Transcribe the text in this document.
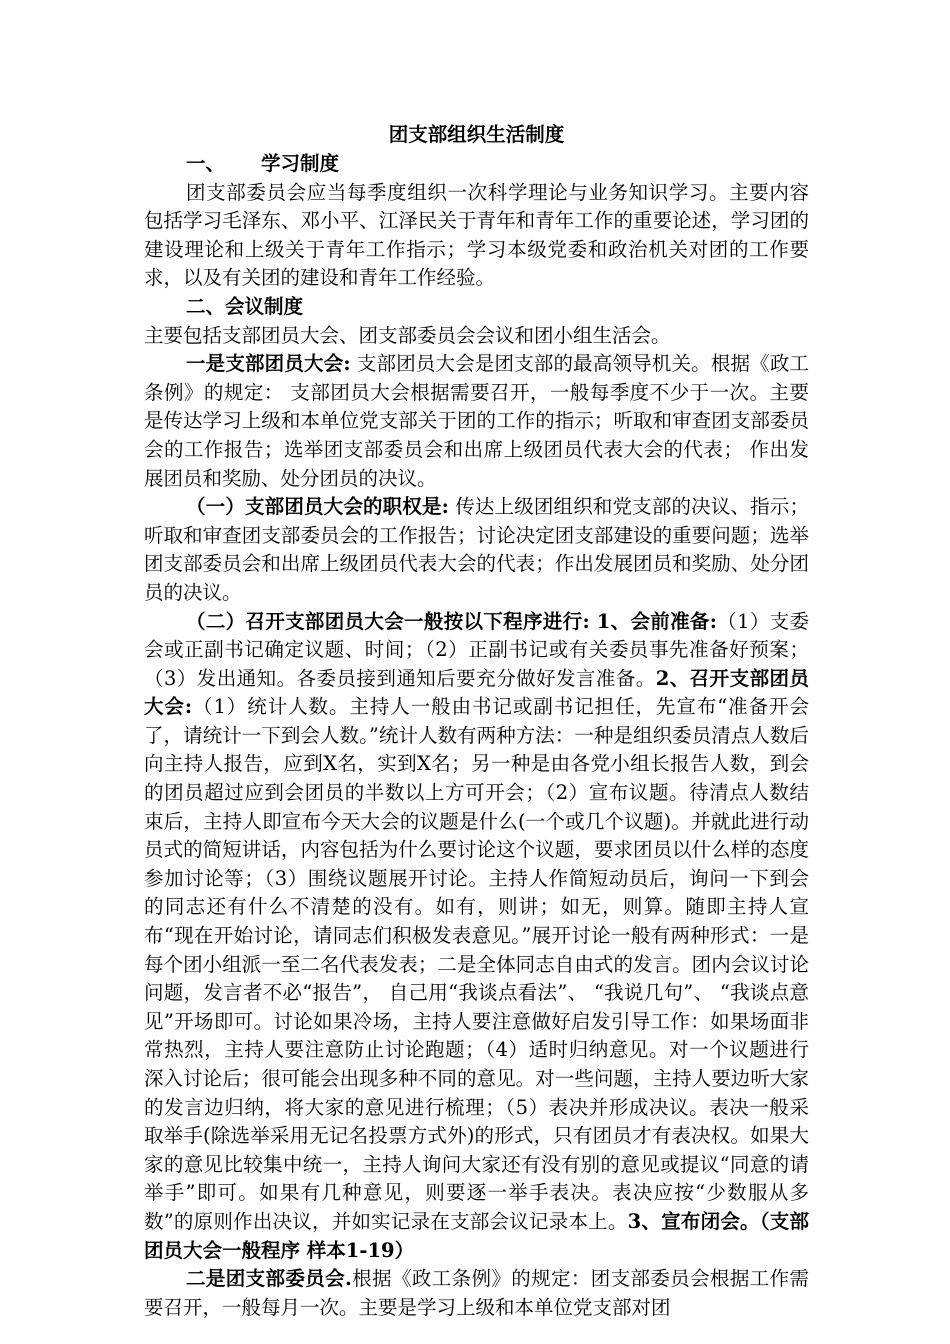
团支部组织生活制度

一、 学习制度

团支部委员会应当每季度组织一次科学理论与业务知识学习。主要内容包括学习毛泽东、邓小平、江泽民关于青年和青年工作的重要论述，学习团的建设理论和上级关于青年工作指示；学习本级党委和政治机关对团的工作要求，以及有关团的建设和青年工作经验。

二、会议制度

主要包括支部团员大会、团支部委员会会议和团小组生活会。

一是支部团员大会: 支部团员大会是团支部的最高领导机关。根据《政工条例》的规定： 支部团员大会根据需要召开，一般每季度不少于一次。主要是传达学习上级和本单位党支部关于团的工作的指示；听取和审查团支部委员会的工作报告；选举团支部委员会和出席上级团员代表大会的代表； 作出发展团员和奖励、处分团员的决议。

（一）支部团员大会的职权是: 传达上级团组织和党支部的决议、指示；听取和审查团支部委员会的工作报告；讨论决定团支部建设的重要问题；选举团支部委员会和出席上级团员代表大会的代表；作出发展团员和奖励、处分团员的决议。

（二）召开支部团员大会一般按以下程序进行: 1、会前准备:（1）支委会或正副书记确定议题、时间；（2）正副书记或有关委员事先准备好预案；（3）发出通知。各委员接到通知后要充分做好发言准备。2、召开支部团员大会:（1）统计人数。主持人一般由书记或副书记担任，先宣布“准备开会了，请统计一下到会人数。”统计人数有两种方法：一种是组织委员清点人数后向主持人报告，应到X名，实到X名；另一种是由各党小组长报告人数，到会的团员超过应到会团员的半数以上方可开会；（2）宣布议题。待清点人数结束后，主持人即宣布今天大会的议题是什么(一个或几个议题)。并就此进行动员式的简短讲话，内容包括为什么要讨论这个议题，要求团员以什么样的态度参加讨论等；（3）围绕议题展开讨论。主持人作简短动员后，询问一下到会的同志还有什么不清楚的没有。如有，则讲；如无，则算。随即主持人宣布“现在开始讨论，请同志们积极发表意见。”展开讨论一般有两种形式：一是每个团小组派一至二名代表发表；二是全体同志自由式的发言。团内会议讨论问题，发言者不必“报告”， 自己用“我谈点看法”、 “我说几句”、 “我谈点意见”开场即可。讨论如果冷场，主持人要注意做好启发引导工作：如果场面非常热烈，主持人要注意防止讨论跑题；（4）适时归纳意见。对一个议题进行深入讨论后；很可能会出现多种不同的意见。对一些问题，主持人要边听大家的发言边归纳，将大家的意见进行梳理；（5）表决并形成决议。表决一般采取举手(除选举采用无记名投票方式外)的形式，只有团员才有表决权。如果大家的意见比较集中统一，主持人询问大家还有没有别的意见或提议“同意的请举手”即可。如果有几种意见，则要逐一举手表决。表决应按“少数服从多数”的原则作出决议，并如实记录在支部会议记录本上。3、宣布闭会。（支部团员大会一般程序 样本1-19）

二是团支部委员会.根据《政工条例》的规定：团支部委员会根据工作需要召开，一般每月一次。主要是学习上级和本单位党支部对团
